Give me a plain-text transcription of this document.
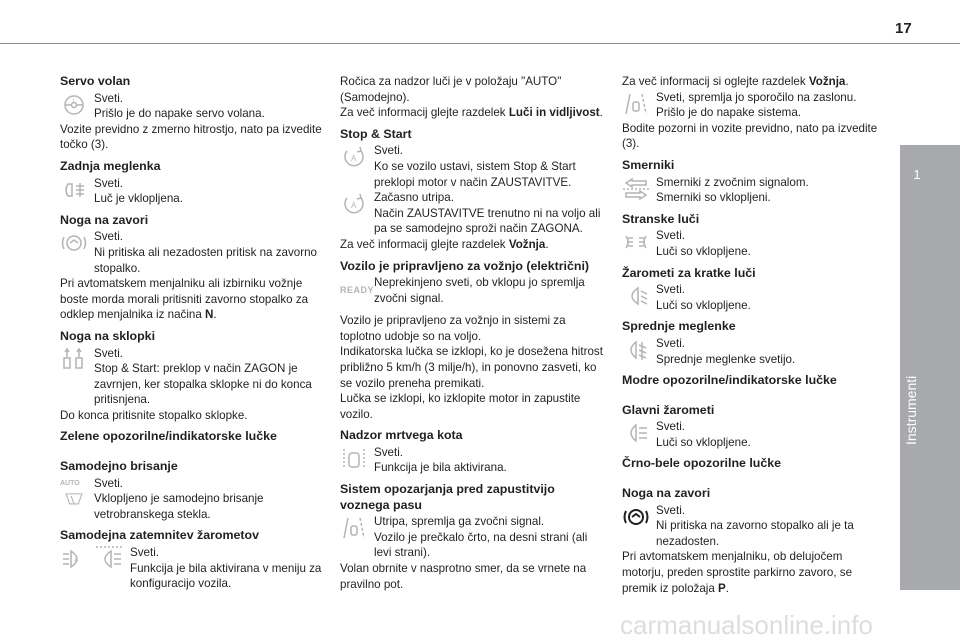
17
1
Instrumenti
Servo volan
! Sveti.
Prišlo je do napake servo volana.
Vozite previdno z zmerno hitrostjo, nato pa izvedite točko (3).
Zadnja meglenka
Sveti.
Luč je vklopljena.
Noga na zavori
Sveti.
Ni pritiska ali nezadosten pritisk na zavorno stopalko.
Pri avtomatskem menjalniku ali izbirniku vožnje boste morda morali pritisniti zavorno stopalko za odklep menjalnika iz načina N.
Noga na sklopki
Sveti.
Stop & Start: preklop v način ZAGON je zavrnjen, ker stopalka sklopke ni do konca pritisnjena.
Do konca pritisnite stopalko sklopke.
Zelene opozorilne/indikatorske lučke
Samodejno brisanje
AUTO	Sveti.
Vklopljeno je samodejno brisanje vetrobranskega stekla.
Samodejna zatemnitev žarometov
A
Sveti.
Funkcija je bila aktivirana v meniju za konfiguracijo vozila.
Ročica za nadzor luči je v položaju "AUTO" (Samodejno).
Za več informacij glejte razdelek Luči in vidljivost.
Stop & Start
A
Sveti.
Ko se vozilo ustavi, sistem Stop & Start preklopi motor v način ZAUSTAVITVE.
A
Začasno utripa.
Način ZAUSTAVITVE trenutno ni na voljo ali pa se samodejno sproži način ZAGONA.
Za več informacij glejte razdelek Vožnja.
Vozilo je pripravljeno za vožnjo (električni)
READY
Neprekinjeno sveti, ob vklopu jo spremlja zvočni signal.
Vozilo je pripravljeno za vožnjo in sistemi za toplotno udobje so na voljo.
Indikatorska lučka se izklopi, ko je dosežena hitrost približno 5 km/h (3 milje/h), in ponovno zasveti, ko se vozilo preneha premikati.
Lučka se izklopi, ko izklopite motor in zapustite vozilo.
Nadzor mrtvega kota
Sveti.
Funkcija je bila aktivirana.
Sistem opozarjanja pred zapustitvijo voznega pasu
Utripa, spremlja ga zvočni signal.
Vozilo je prečkalo črto, na desni strani (ali levi strani).
Volan obrnite v nasprotno smer, da se vrnete na pravilno pot.
Za več informacij si oglejte razdelek Vožnja.
Sveti, spremlja jo sporočilo na zaslonu.
Prišlo je do napake sistema.
Bodite pozorni in vozite previdno, nato pa izvedite (3).
Smerniki
Smerniki z zvočnim signalom.
Smerniki so vklopljeni.
Stranske luči
Sveti.
Luči so vklopljene.
Žarometi za kratke luči
Sveti.
Luči so vklopljene.
Sprednje meglenke
Sveti.
Sprednje meglenke svetijo.
Modre opozorilne/indikatorske lučke
Glavni žarometi
Sveti.
Luči so vklopljene.
Črno-bele opozorilne lučke
Noga na zavori
Sveti.
Ni pritiska na zavorno stopalko ali je ta nezadosten.
Pri avtomatskem menjalniku, ob delujočem motorju, preden sprostite parkirno zavoro, se premik iz položaja P.
carmanualsonline.info
